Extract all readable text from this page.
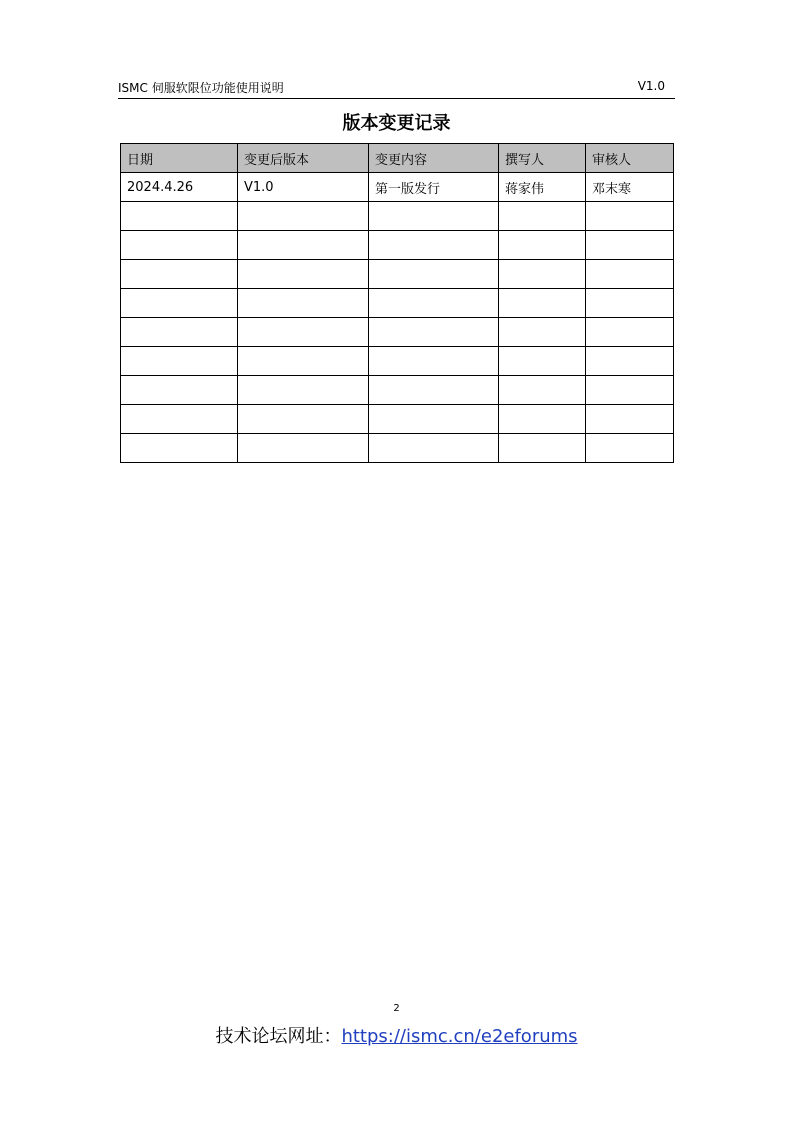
ISMC 伺服软限位功能使用说明	V1.0
版本变更记录
日期	变更后版本	变更内容	撰写人	审核人
2024.4.26	V1.0	第一版发行	蒋家伟	邓末寒

2
技术论坛网址：https://ismc.cn/e2eforums
